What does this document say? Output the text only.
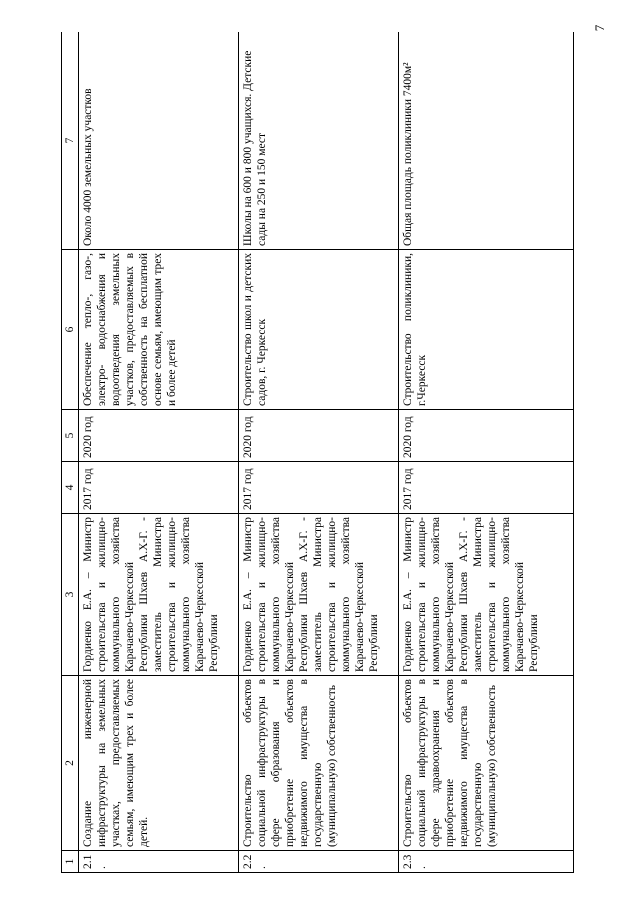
7
1	2	3	4	5	6	7
2.1.	Создание инженерной инфраструктуры на земельных участках, предоставляемых семьям, имеющим трех и более детей.	Гордиенко Е.А. – Министр строительства и жилищно-коммунального хозяйства Карачаево-Черкесской Республики Шхаев А.Х-Г. - заместитель Министра строительства и жилищно-коммунального хозяйства Карачаево-Черкесской Республики	2017 год	2020 год	Обеспечение тепло-, газо-, электро- водоснабжения и водоотведения земельных участков, предоставляемых в собственность на бесплатной основе семьям, имеющим трех и более детей	Около 4000 земельных участков
2.2.	Строительство объектов социальной инфраструктуры в сфере образования и приобретение объектов недвижимого имущества в государственную (муниципальную) собственность	Гордиенко Е.А. – Министр строительства и жилищно-коммунального хозяйства Карачаево-Черкесской Республики Шхаев А.Х-Г. - заместитель Министра строительства и жилищно-коммунального хозяйства Карачаево-Черкесской Республики	2017 год	2020 год	Строительство школ и детских садов, г. Черкесск	Школы на 600 и 800 учащихся. Детские сады на 250 и 150 мест
2.3.	Строительство объектов социальной инфраструктуры в сфере здравоохранения и приобретение объектов недвижимого имущества в государственную (муниципальную) собственность	Гордиенко Е.А. – Министр строительства и жилищно-коммунального хозяйства Карачаево-Черкесской Республики Шхаев А.Х-Г. - заместитель Министра строительства и жилищно-коммунального хозяйства Карачаево-Черкесской Республики	2017 год	2020 год	Строительство поликлиники, г.Черкесск	Общая площадь поликлиники 7400м²
